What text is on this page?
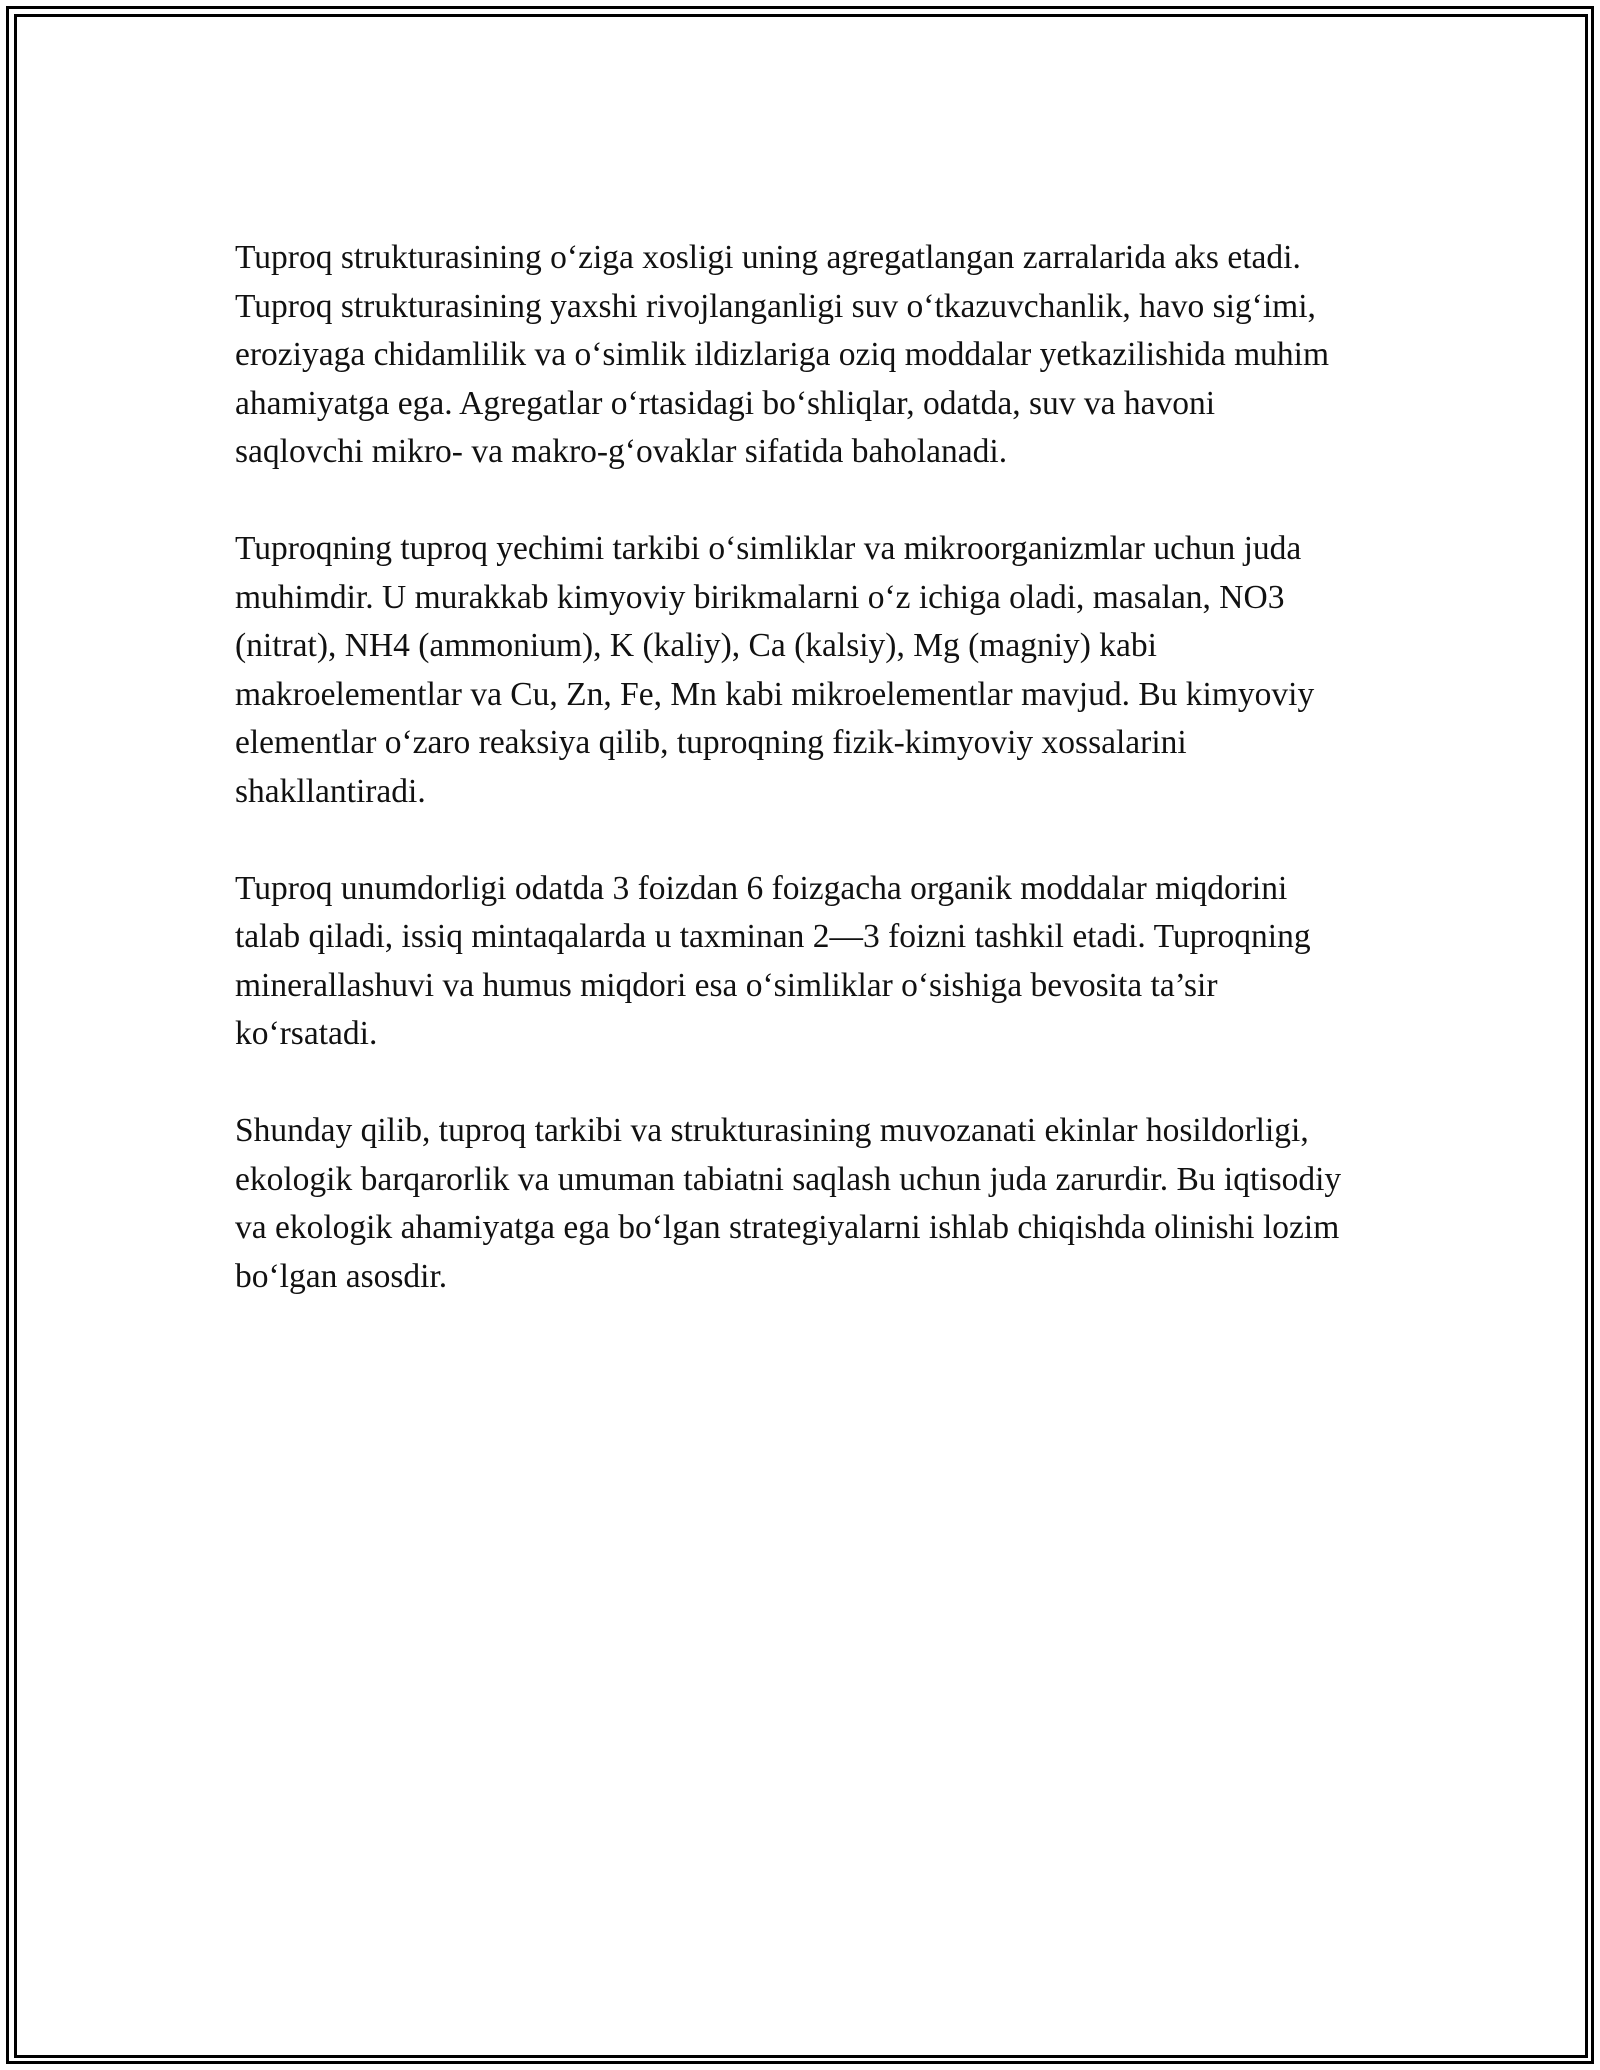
Tuproq strukturasining o‘ziga xosligi uning agregatlangan zarralarida aks etadi. Tuproq strukturasining yaxshi rivojlanganligi suv o‘tkazuvchanlik, havo sig‘imi, eroziyaga chidamlilik va o‘simlik ildizlariga oziq moddalar yetkazilishida muhim ahamiyatga ega. Agregatlar o‘rtasidagi bo‘shliqlar, odatda, suv va havoni saqlovchi mikro- va makro-g‘ovaklar sifatida baholanadi.

Tuproqning tuproq yechimi tarkibi o‘simliklar va mikroorganizmlar uchun juda muhimdir. U murakkab kimyoviy birikmalarni o‘z ichiga oladi, masalan, NO3 (nitrat), NH4 (ammonium), K (kaliy), Ca (kalsiy), Mg (magniy) kabi makroelementlar va Cu, Zn, Fe, Mn kabi mikroelementlar mavjud. Bu kimyoviy elementlar o‘zaro reaksiya qilib, tuproqning fizik-kimyoviy xossalarini shakllantiradi.

Tuproq unumdorligi odatda 3 foizdan 6 foizgacha organik moddalar miqdorini talab qiladi, issiq mintaqalarda u taxminan 2—3 foizni tashkil etadi. Tuproqning minerallashuvi va humus miqdori esa o‘simliklar o‘sishiga bevosita ta’sir ko‘rsatadi.

Shunday qilib, tuproq tarkibi va strukturasining muvozanati ekinlar hosildorligi, ekologik barqarorlik va umuman tabiatni saqlash uchun juda zarurdir. Bu iqtisodiy va ekologik ahamiyatga ega bo‘lgan strategiyalarni ishlab chiqishda olinishi lozim bo‘lgan asosdir.
